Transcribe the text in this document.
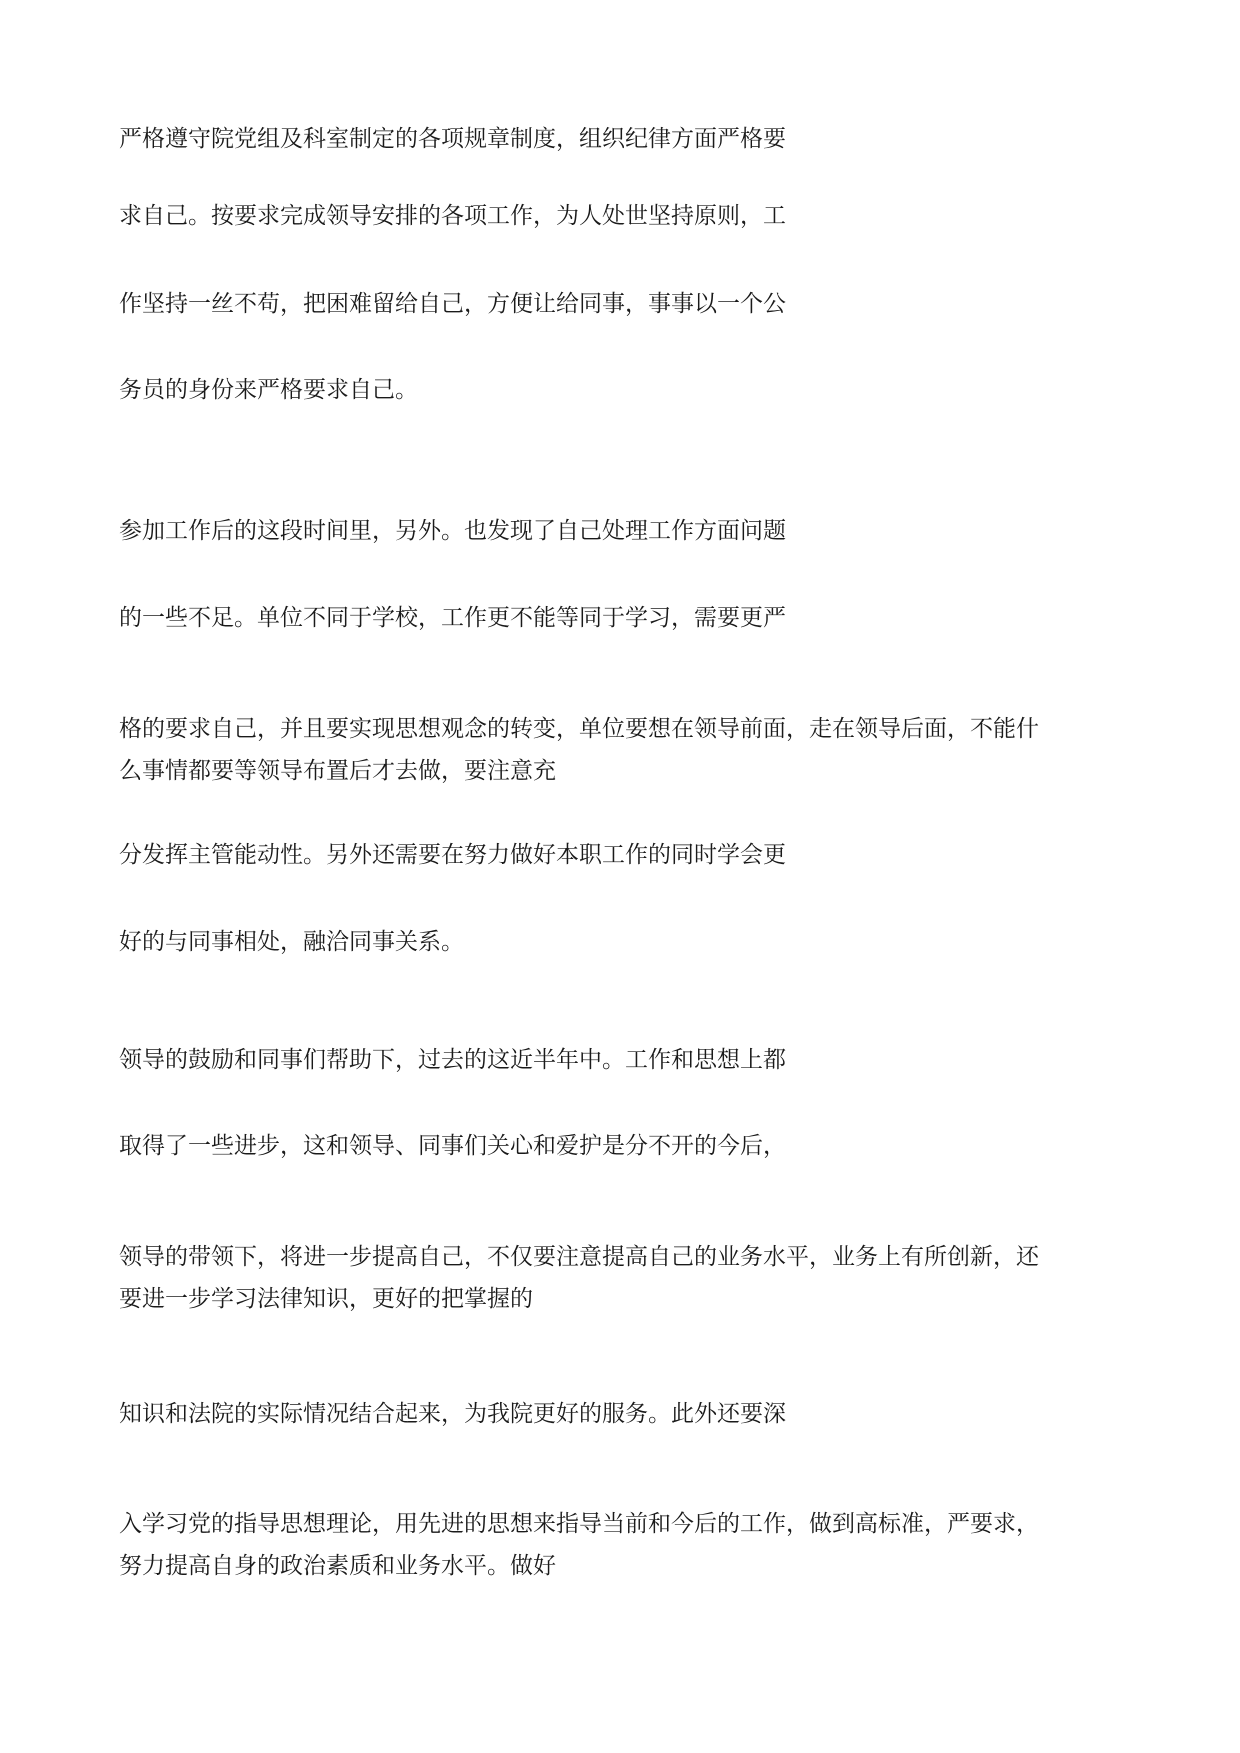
严格遵守院党组及科室制定的各项规章制度，组织纪律方面严格要

求自己。按要求完成领导安排的各项工作，为人处世坚持原则，工

作坚持一丝不苟，把困难留给自己，方便让给同事，事事以一个公

务员的身份来严格要求自己。

参加工作后的这段时间里，另外。也发现了自己处理工作方面问题

的一些不足。单位不同于学校，工作更不能等同于学习，需要更严

格的要求自己，并且要实现思想观念的转变，单位要想在领导前面，走在领导后面，不能什
么事情都要等领导布置后才去做，要注意充

分发挥主管能动性。另外还需要在努力做好本职工作的同时学会更

好的与同事相处，融洽同事关系。

领导的鼓励和同事们帮助下，过去的这近半年中。工作和思想上都

取得了一些进步，这和领导、同事们关心和爱护是分不开的今后，

领导的带领下，将进一步提高自己，不仅要注意提高自己的业务水平，业务上有所创新，还
要进一步学习法律知识，更好的把掌握的

知识和法院的实际情况结合起来，为我院更好的服务。此外还要深

入学习党的指导思想理论，用先进的思想来指导当前和今后的工作，做到高标准，严要求，
努力提高自身的政治素质和业务水平。做好
